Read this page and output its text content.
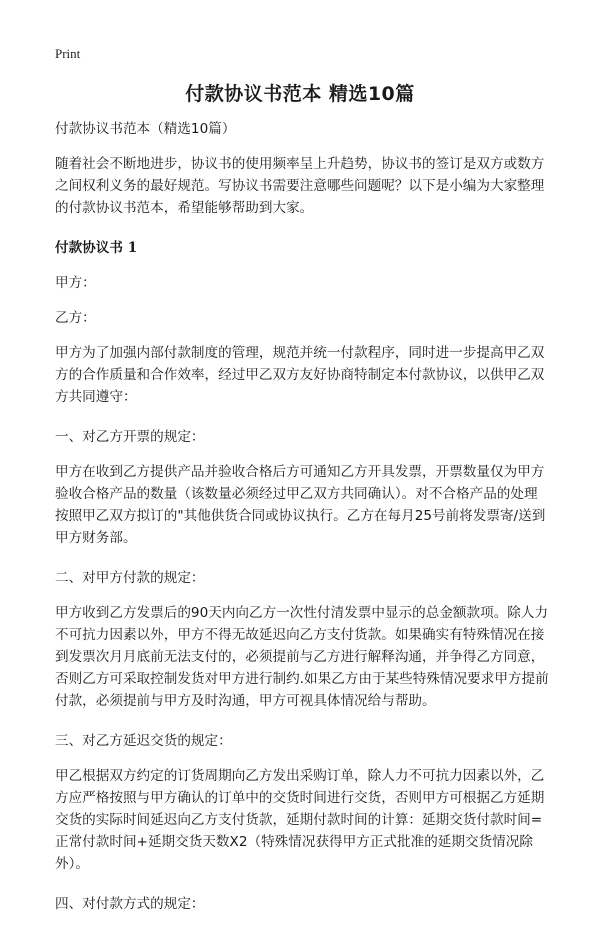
Print
付款协议书范本 精选10篇

付款协议书范本（精选10篇）

随着社会不断地进步，协议书的使用频率呈上升趋势，协议书的签订是双方或数方之间权利义务的最好规范。写协议书需要注意哪些问题呢？以下是小编为大家整理的付款协议书范本，希望能够帮助到大家。

付款协议书 1

甲方：

乙方：

甲方为了加强内部付款制度的管理，规范并统一付款程序，同时进一步提高甲乙双方的合作质量和合作效率，经过甲乙双方友好协商特制定本付款协议，以供甲乙双方共同遵守：

一、对乙方开票的规定：

甲方在收到乙方提供产品并验收合格后方可通知乙方开具发票，开票数量仅为甲方验收合格产品的数量（该数量必须经过甲乙双方共同确认）。对不合格产品的处理按照甲乙双方拟订的"其他供货合同或协议执行。乙方在每月25号前将发票寄/送到甲方财务部。

二、对甲方付款的规定：

甲方收到乙方发票后的90天内向乙方一次性付清发票中显示的总金额款项。除人力不可抗力因素以外，甲方不得无故延迟向乙方支付货款。如果确实有特殊情况在接到发票次月月底前无法支付的，必须提前与乙方进行解释沟通，并争得乙方同意，否则乙方可采取控制发货对甲方进行制约.如果乙方由于某些特殊情况要求甲方提前付款，必须提前与甲方及时沟通，甲方可视具体情况给与帮助。

三、对乙方延迟交货的规定：

甲乙根据双方约定的订货周期向乙方发出采购订单，除人力不可抗力因素以外，乙方应严格按照与甲方确认的订单中的交货时间进行交货，否则甲方可根据乙方延期交货的实际时间延迟向乙方支付货款，延期付款时间的计算：延期交货付款时间=正常付款时间+延期交货天数X2（特殊情况获得甲方正式批准的延期交货情况除外）。

四、对付款方式的规定：
